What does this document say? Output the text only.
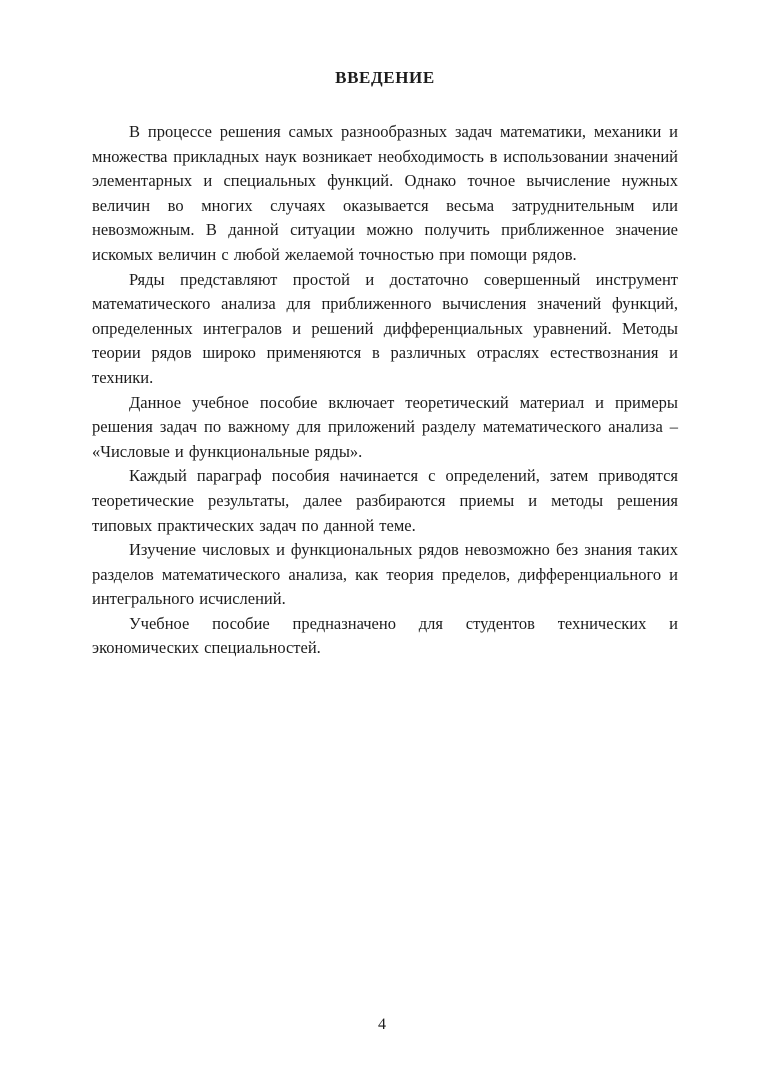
ВВЕДЕНИЕ

В процессе решения самых разнообразных задач математики, механики и множества прикладных наук возникает необходимость в использовании значений элементарных и специальных функций. Однако точное вычисление нужных величин во многих случаях оказывается весьма затруднительным или невозможным. В данной ситуации можно получить приближенное значение искомых величин с любой желаемой точностью при помощи рядов.

Ряды представляют простой и достаточно совершенный инструмент математического анализа для приближенного вычисления значений функций, определенных интегралов и решений дифференциальных уравнений. Методы теории рядов широко применяются в различных отраслях естествознания и техники.

Данное учебное пособие включает теоретический материал и примеры решения задач по важному для приложений разделу математического анализа – «Числовые и функциональные ряды».

Каждый параграф пособия начинается с определений, затем приводятся теоретические результаты, далее разбираются приемы и методы решения типовых практических задач по данной теме.

Изучение числовых и функциональных рядов невозможно без знания таких разделов математического анализа, как теория пределов, дифференциального и интегрального исчислений.

Учебное пособие предназначено для студентов технических и экономических специальностей.

4
